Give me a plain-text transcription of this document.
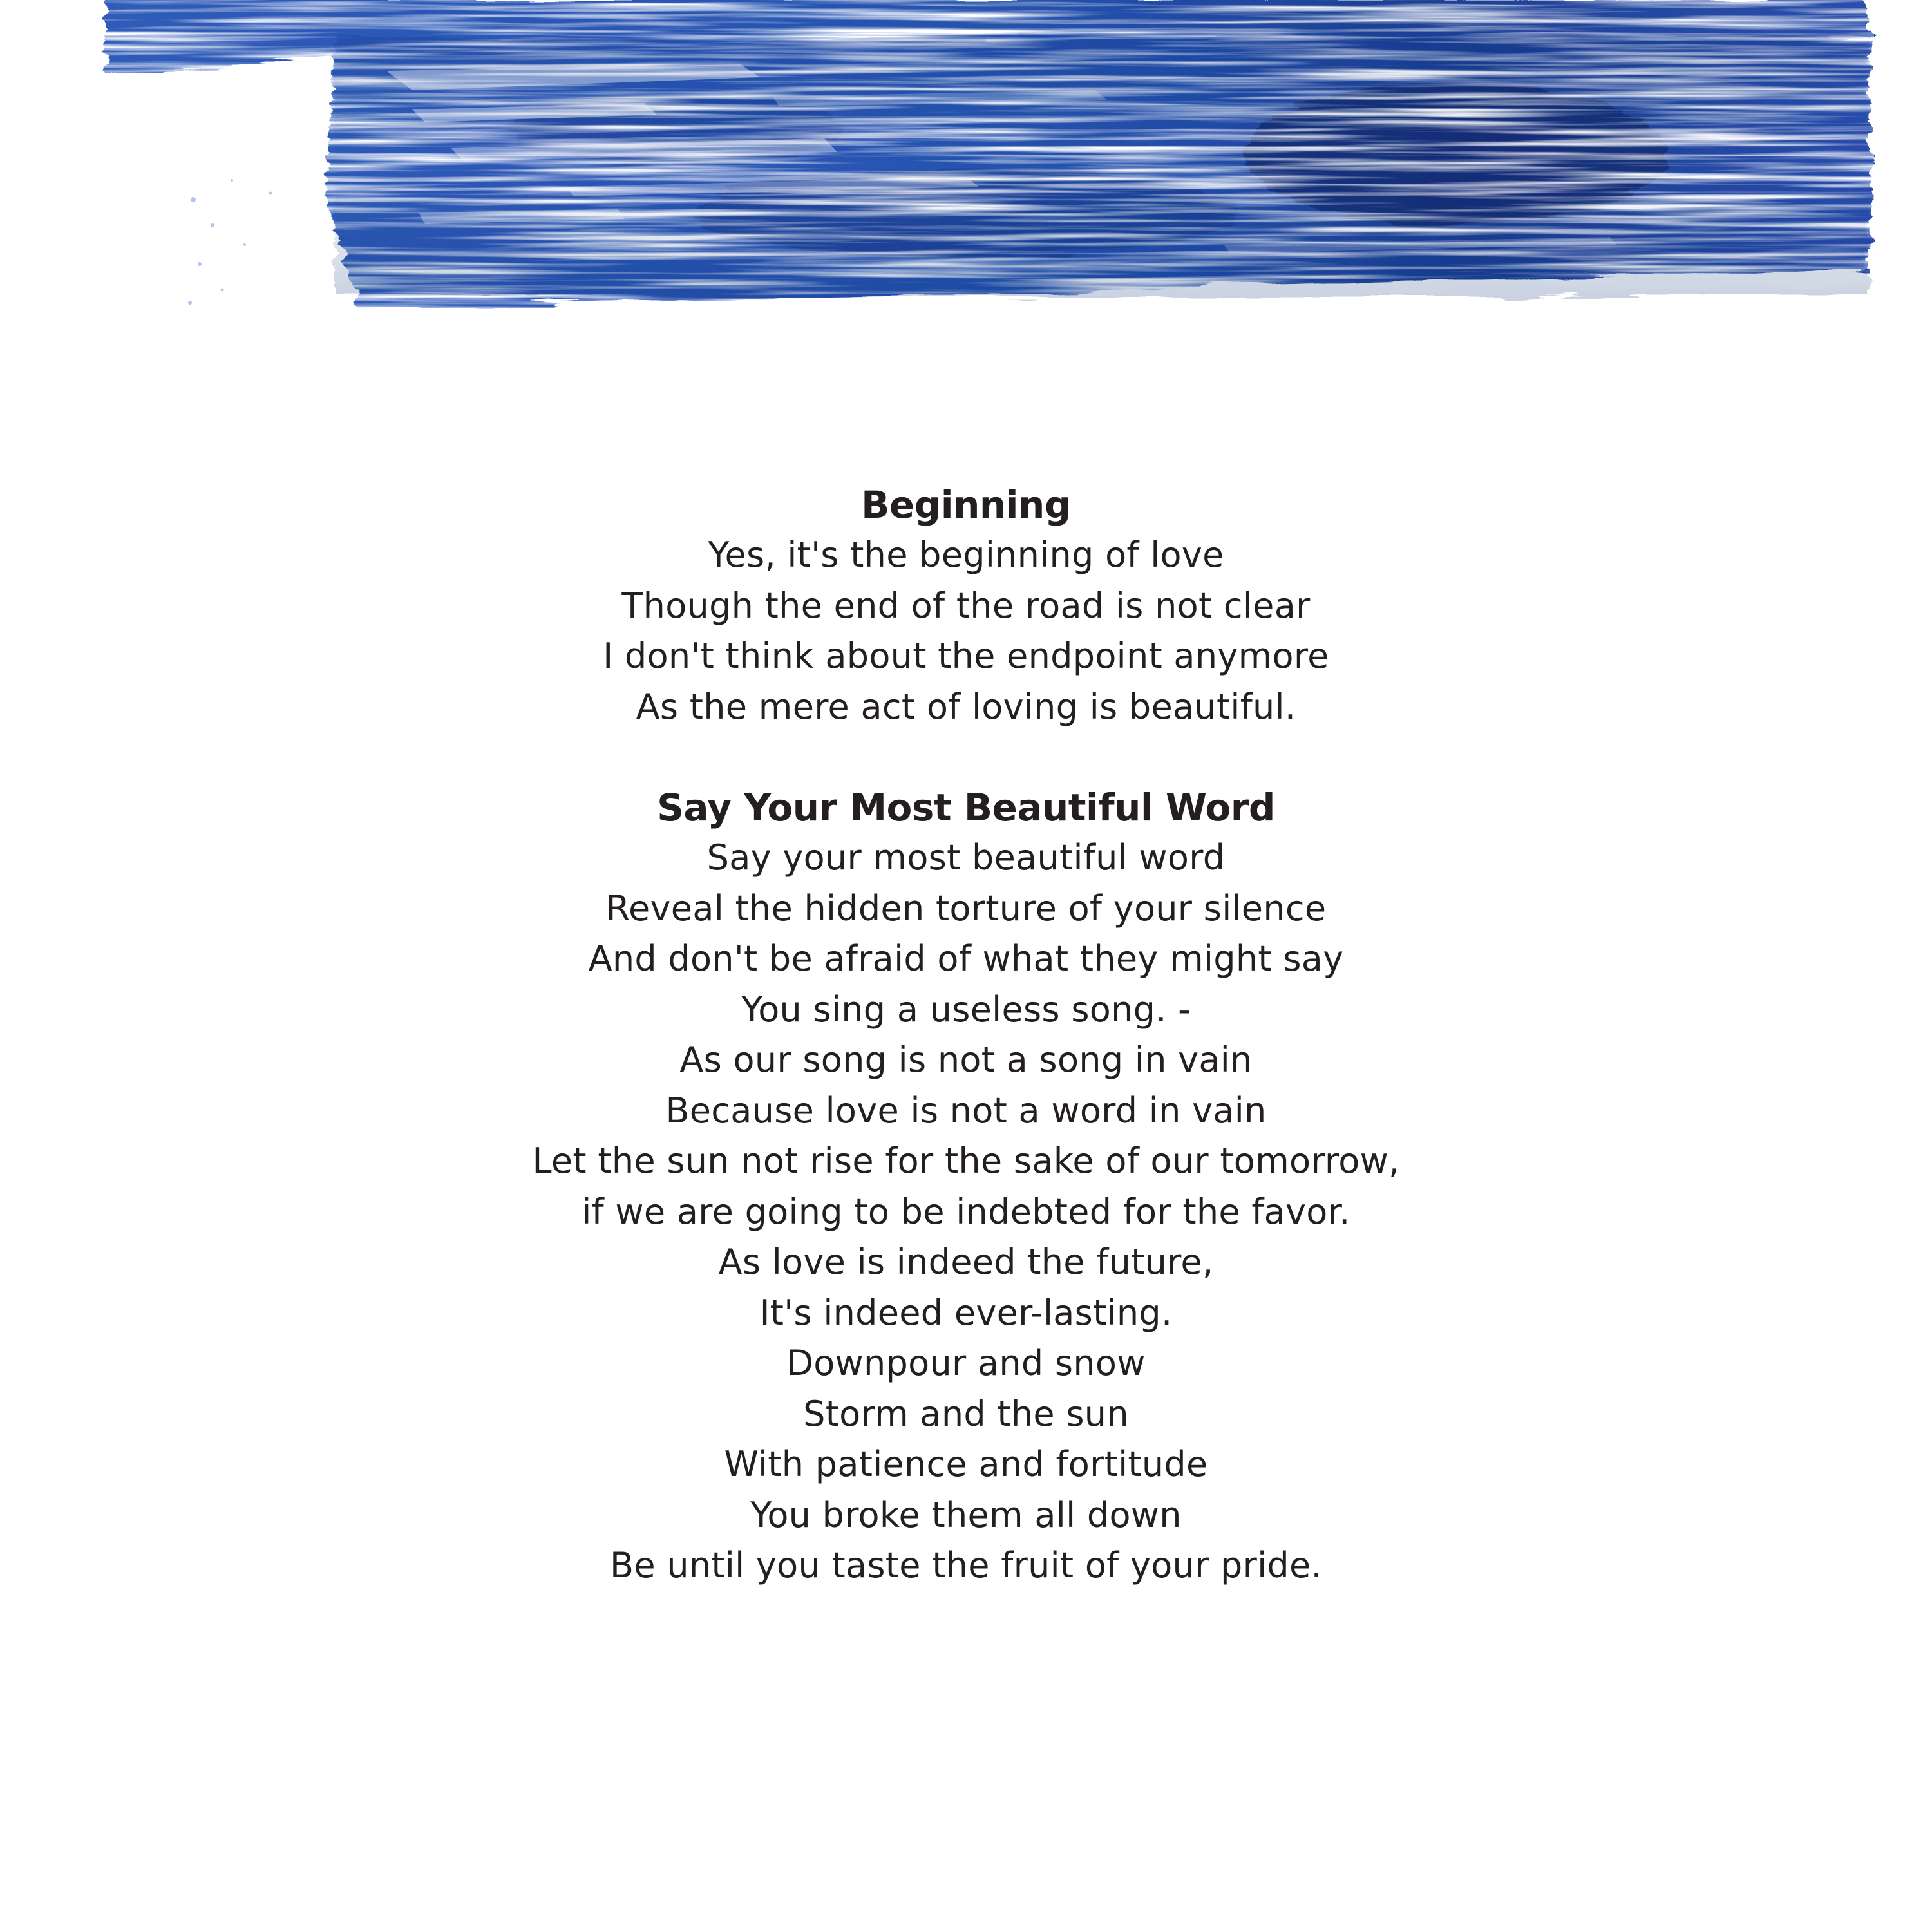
Beginning
Yes, it's the beginning of love
Though the end of the road is not clear
I don't think about the endpoint anymore
As the mere act of loving is beautiful.
Say Your Most Beautiful Word
Say your most beautiful word
Reveal the hidden torture of your silence
And don't be afraid of what they might say
You sing a useless song. -
As our song is not a song in vain
Because love is not a word in vain
Let the sun not rise for the sake of our tomorrow,
if we are going to be indebted for the favor.
As love is indeed the future,
It's indeed ever-lasting.
Downpour and snow
Storm and the sun
With patience and fortitude
You broke them all down
Be until you taste the fruit of your pride.
